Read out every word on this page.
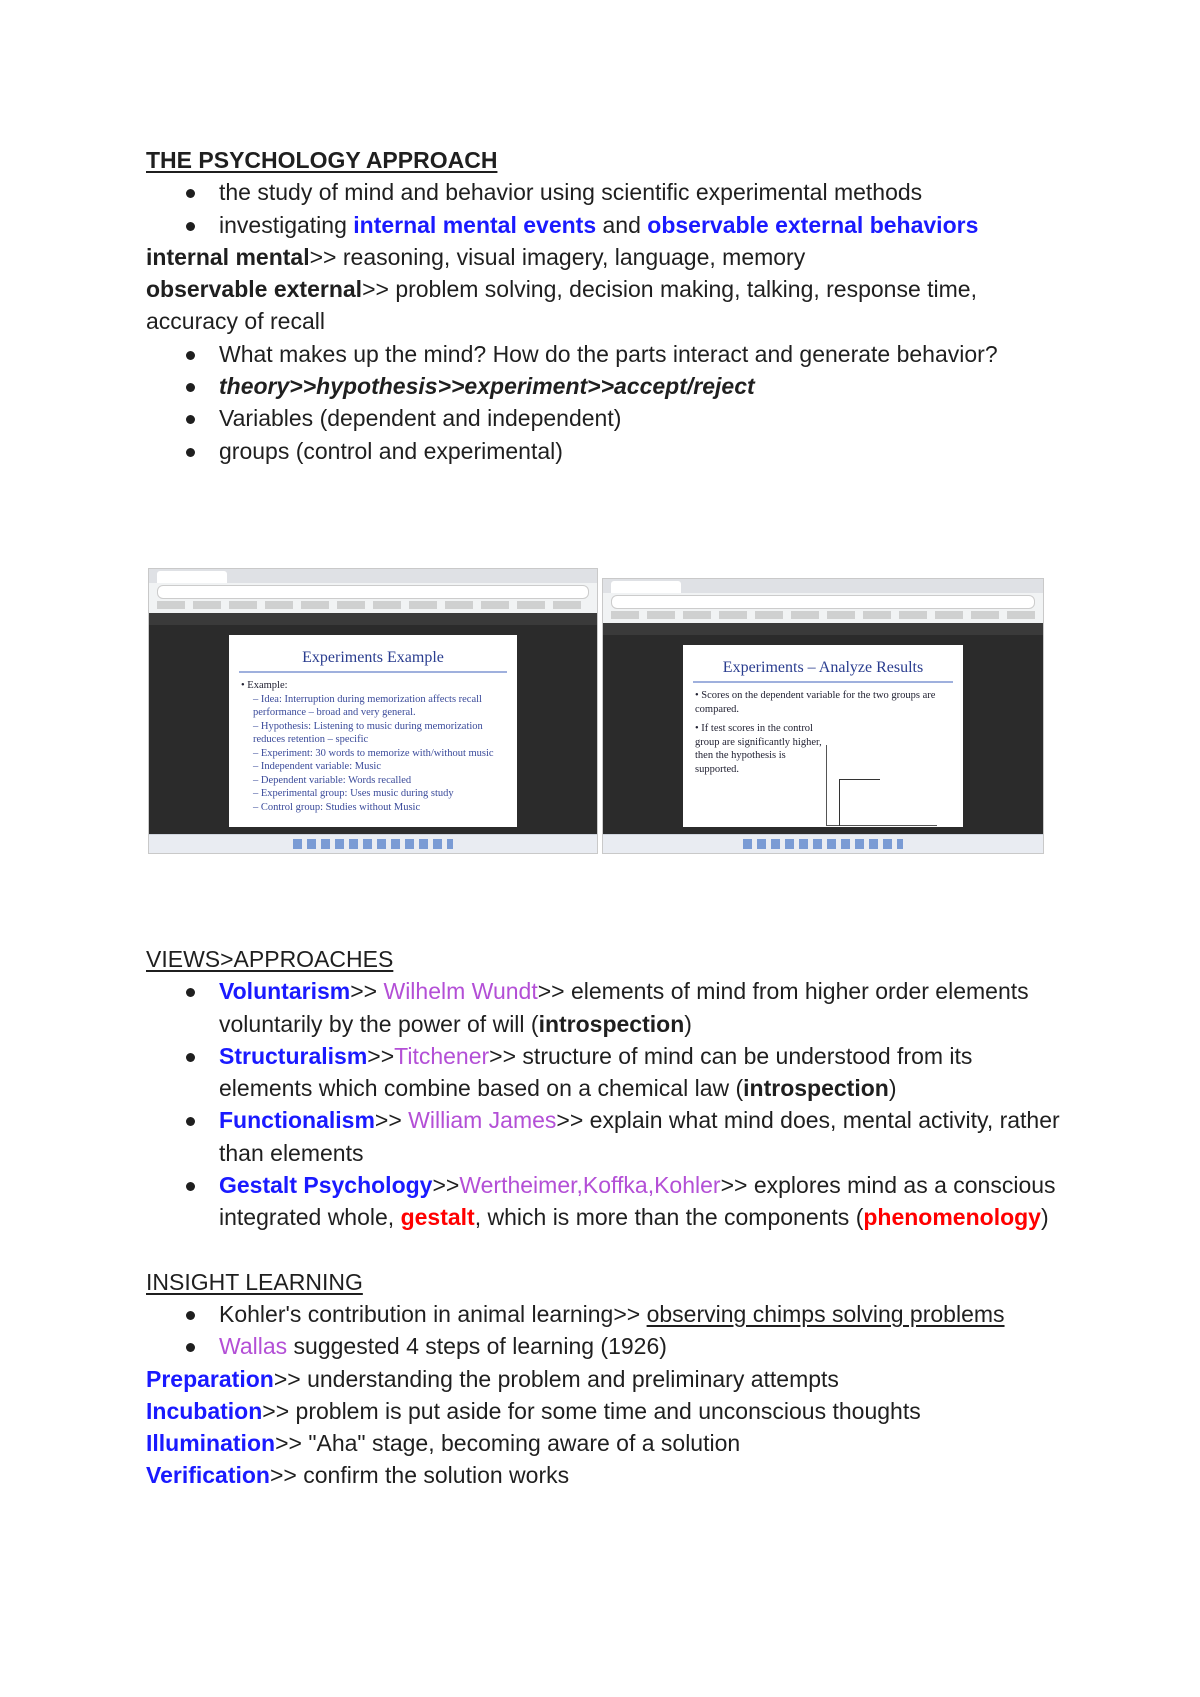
THE PSYCHOLOGY APPROACH

the study of mind and behavior using scientific experimental methods
investigating internal mental events and observable external behaviors

internal mental>> reasoning, visual imagery, language, memory

observable external>> problem solving, decision making, talking, response time,
accuracy of recall

What makes up the mind? How do the parts interact and generate behavior?
theory>>hypothesis>>experiment>>accept/reject
Variables (dependent and independent)
groups (control and experimental)

VIEWS>APPROACHES

Voluntarism>> Wilhelm Wundt>> elements of mind from higher order elements voluntarily by the power of will (introspection)
Structuralism>>Titchener>> structure of mind can be understood from its elements which combine based on a chemical law (introspection)
Functionalism>> William James>> explain what mind does, mental activity, rather than elements
Gestalt Psychology>>Wertheimer,Koffka,Kohler>> explores mind as a conscious integrated whole, gestalt, which is more than the components (phenomenology)

INSIGHT LEARNING

Kohler's contribution in animal learning>> observing chimps solving problems
Wallas suggested 4 steps of learning (1926)

Preparation>> understanding the problem and preliminary attempts

Incubation>> problem is put aside for some time and unconscious thoughts

Illumination>> "Aha" stage, becoming aware of a solution

Verification>> confirm the solution works

Experiments Example
• Example:
– Idea: Interruption during memorization affects recall performance – broad and very general.
– Hypothesis: Listening to music during memorization reduces retention – specific
– Experiment: 30 words to memorize with/without music
– Independent variable: Music
– Dependent variable: Words recalled
– Experimental group: Uses music during study
– Control group: Studies without Music
Experiments – Analyze Results
• Scores on the dependent variable for the two groups are compared.
• If test scores in the control group are significantly higher, then the hypothesis is supported.
